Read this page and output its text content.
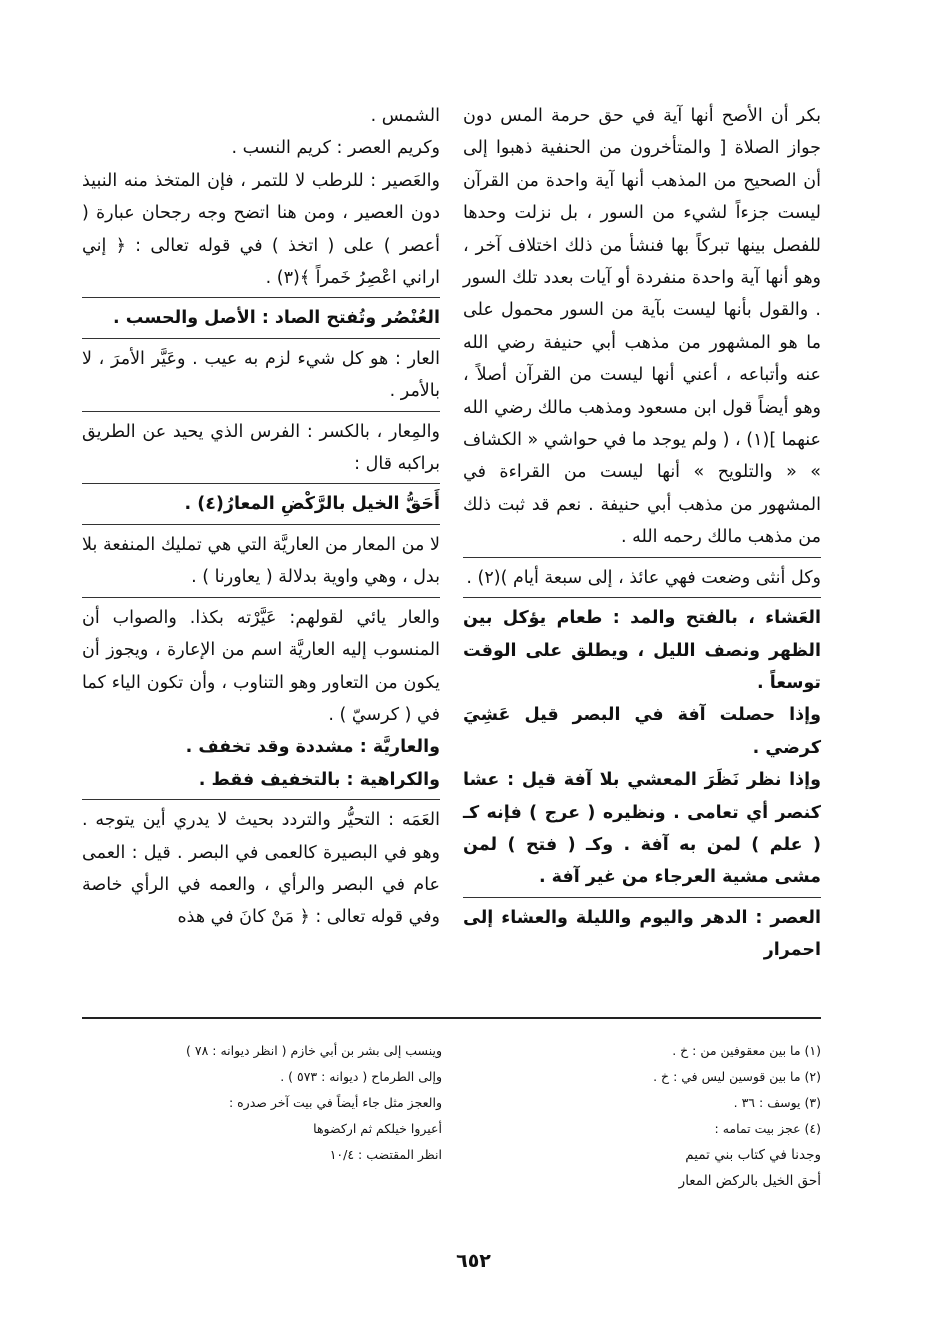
بكر أن الأصح أنها آية في حق حرمة المس دون جواز الصلاة [ والمتأخرون من الحنفية ذهبوا إلى أن الصحيح من المذهب أنها آية واحدة من القرآن ليست جزءاً لشيء من السور ، بل نزلت وحدها للفصل بينها تبركاً بها فنشأ من ذلك اختلاف آخر ، وهو أنها آية واحدة منفردة أو آيات بعدد تلك السور . والقول بأنها ليست بآية من السور محمول على ما هو المشهور من مذهب أبي حنيفة رضي الله عنه وأتباعه ، أعني أنها ليست من القرآن أصلاً ، وهو أيضاً قول ابن مسعود ومذهب مالك رضي الله عنهما ](١) ، ( ولم يوجد ما في حواشي « الكشاف » « والتلويح » أنها ليست من القراءة في المشهور من مذهب أبي حنيفة . نعم قد ثبت ذلك من مذهب مالك رحمه الله .

وكل أنثى وضعت فهي عائذ ، إلى سبعة أيام )(٢) .

العَشاء ، بالفتح والمد : طعام يؤكل بين الظهر ونصف الليل ، ويطلق على الوقت توسعاً .

وإذا حصلت آفة في البصر قيل عَشِيَ كرضي .

وإذا نظر نَظَرَ المعشي بلا آفة قيل : عشا كنصر أي تعامى . ونظيره ( عرج ) فإنه كـ ( علم ) لمن به آفة . وكـ ( فتح ) لمن مشى مشية العرجاء من غير آفة .

العصر : الدهر واليوم والليلة والعشاء إلى احمرار

الشمس .

وكريم العصر : كريم النسب .

والعَصير : للرطب لا للتمر ، فإن المتخذ منه النبيذ دون العصير ، ومن هنا اتضح وجه رجحان عبارة ( أعصر ) على ( اتخذ ) في قوله تعالى : ﴿ إني اراني اعْصِرُ خَمراً ﴾(٣) .

العُنْصُر وتُفتح الصاد : الأصل والحسب .

العار : هو كل شيء لزم به عيب . وعَيَّر الأمرَ ، لا بالأمر .

والمِعار ، بالكسر : الفرس الذي يحيد عن الطريق براكبه قال :

أَحَقُّ الخيل بالرَّكْضِ المعارُ(٤) .

لا من المعار من العاريَّة التي هي تمليك المنفعة بلا بدل ، وهي واوية بدلالة ( يعاورنا ) .

والعار يائي لقولهم: عَيَّرْته بكذا. والصواب أن المنسوب إليه العاريَّة اسم من الإعارة ، ويجوز أن يكون من التعاور وهو التناوب ، وأن تكون الياء كما في ( كرسيّ ) .

والعاريَّة : مشددة وقد تخفف .

والكراهية : بالتخفيف فقط .

العَمَه : التحيُّر والتردد بحيث لا يدري أين يتوجه . وهو في البصيرة كالعمى في البصر . قيل : العمى عام في البصر والرأي ، والعمه في الرأي خاصة وفي قوله تعالى : ﴿ مَنْ كانَ في هذه

(١) ما بين معقوفين من : خ .
(٢) ما بين قوسين ليس في : خ .
(٣) يوسف : ٣٦ .
(٤) عجز بيت تمامه :
وجدنا في كتاب بني تميم
أحق الخيل بالركض المعار
وينسب إلى بشر بن أبي خازم ( انظر ديوانه : ٧٨ )
وإلى الطرماح ( ديوانه : ٥٧٣ ) .
والعجز مثل جاء أيضاً في بيت آخر صدره :
أعيروا خيلكم ثم اركضوها
انظر المقتضب : ١٠/٤
٦٥٢
